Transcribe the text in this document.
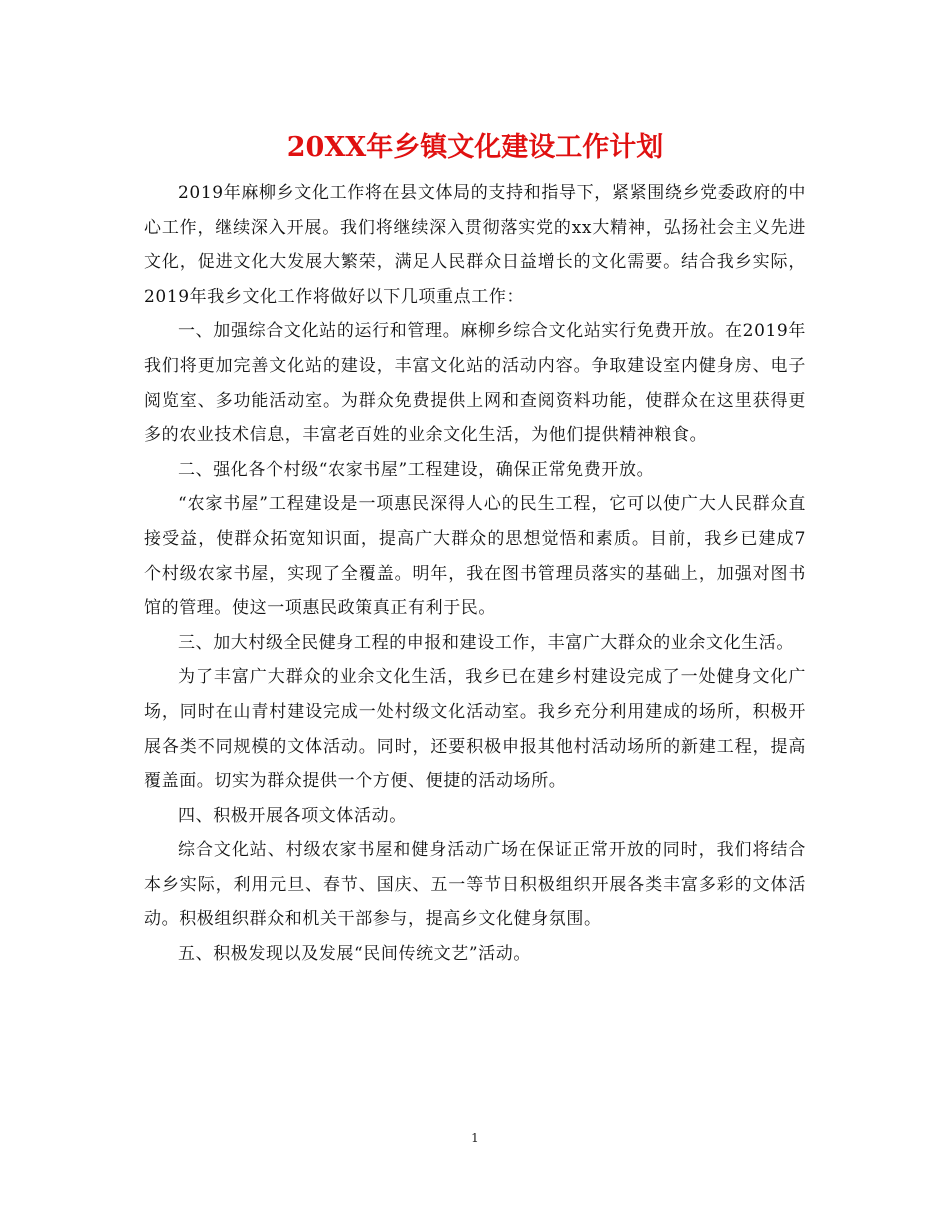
20XX年乡镇文化建设工作计划

2019年麻柳乡文化工作将在县文体局的支持和指导下，紧紧围绕乡党委政府的中心工作，继续深入开展。我们将继续深入贯彻落实党的xx大精神，弘扬社会主义先进文化，促进文化大发展大繁荣，满足人民群众日益增长的文化需要。结合我乡实际，2019年我乡文化工作将做好以下几项重点工作：

一、加强综合文化站的运行和管理。麻柳乡综合文化站实行免费开放。在2019年我们将更加完善文化站的建设，丰富文化站的活动内容。争取建设室内健身房、电子阅览室、多功能活动室。为群众免费提供上网和查阅资料功能，使群众在这里获得更多的农业技术信息，丰富老百姓的业余文化生活，为他们提供精神粮食。

二、强化各个村级“农家书屋”工程建设，确保正常免费开放。

“农家书屋”工程建设是一项惠民深得人心的民生工程，它可以使广大人民群众直接受益，使群众拓宽知识面，提高广大群众的思想觉悟和素质。目前，我乡已建成7个村级农家书屋，实现了全覆盖。明年，我在图书管理员落实的基础上，加强对图书馆的管理。使这一项惠民政策真正有利于民。

三、加大村级全民健身工程的申报和建设工作，丰富广大群众的业余文化生活。

为了丰富广大群众的业余文化生活，我乡已在建乡村建设完成了一处健身文化广场，同时在山青村建设完成一处村级文化活动室。我乡充分利用建成的场所，积极开展各类不同规模的文体活动。同时，还要积极申报其他村活动场所的新建工程，提高覆盖面。切实为群众提供一个方便、便捷的活动场所。

四、积极开展各项文体活动。

综合文化站、村级农家书屋和健身活动广场在保证正常开放的同时，我们将结合本乡实际，利用元旦、春节、国庆、五一等节日积极组织开展各类丰富多彩的文体活动。积极组织群众和机关干部参与，提高乡文化健身氛围。

五、积极发现以及发展“民间传统文艺”活动。

1
